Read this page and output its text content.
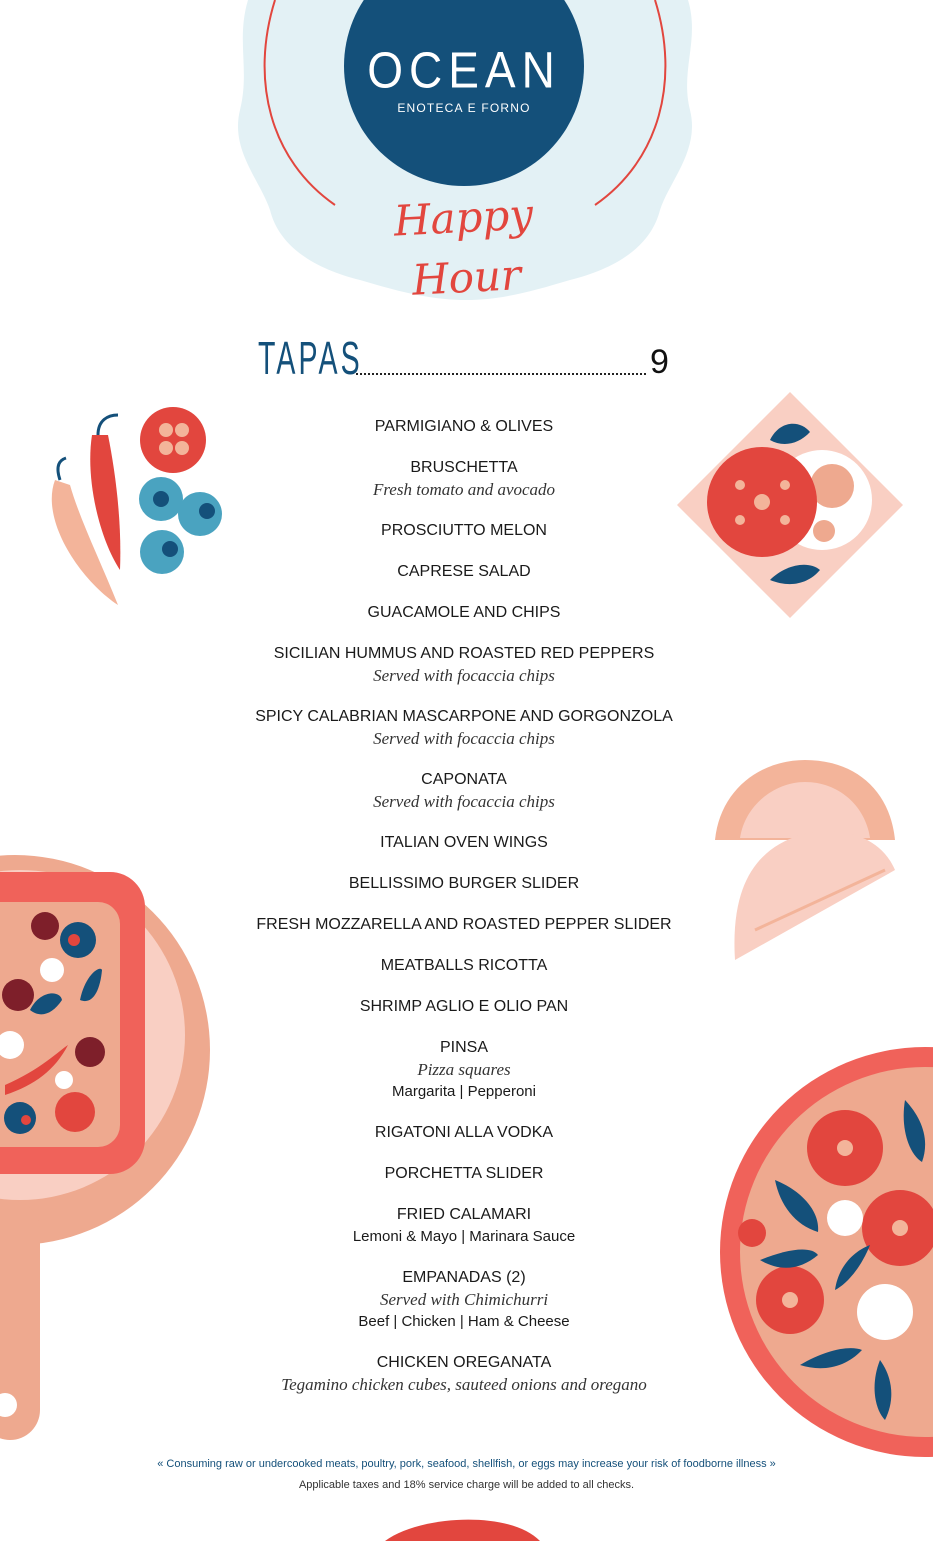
OCEAN
ENOTECA E FORNO
Happy Hour
TAPAS	9
PARMIGIANO & OLIVES
BRUSCHETTA
Fresh tomato and avocado
PROSCIUTTO MELON
CAPRESE SALAD
GUACAMOLE AND CHIPS
SICILIAN HUMMUS AND ROASTED RED PEPPERS
Served with focaccia chips
SPICY CALABRIAN MASCARPONE AND GORGONZOLA
Served with focaccia chips
CAPONATA
Served with focaccia chips
ITALIAN OVEN WINGS
BELLISSIMO BURGER SLIDER
FRESH MOZZARELLA AND ROASTED PEPPER SLIDER
MEATBALLS RICOTTA
SHRIMP AGLIO E OLIO PAN
PINSA
Pizza squares
Margarita | Pepperoni
RIGATONI ALLA VODKA
PORCHETTA SLIDER
FRIED CALAMARI
Lemoni & Mayo | Marinara Sauce
EMPANADAS (2)
Served with Chimichurri
Beef | Chicken | Ham & Cheese
CHICKEN OREGANATA
Tegamino chicken cubes, sauteed onions and oregano
« Consuming raw or undercooked meats, poultry, pork, seafood, shellfish, or eggs may increase your risk of foodborne illness »
Applicable taxes and 18% service charge will be added to all checks.
